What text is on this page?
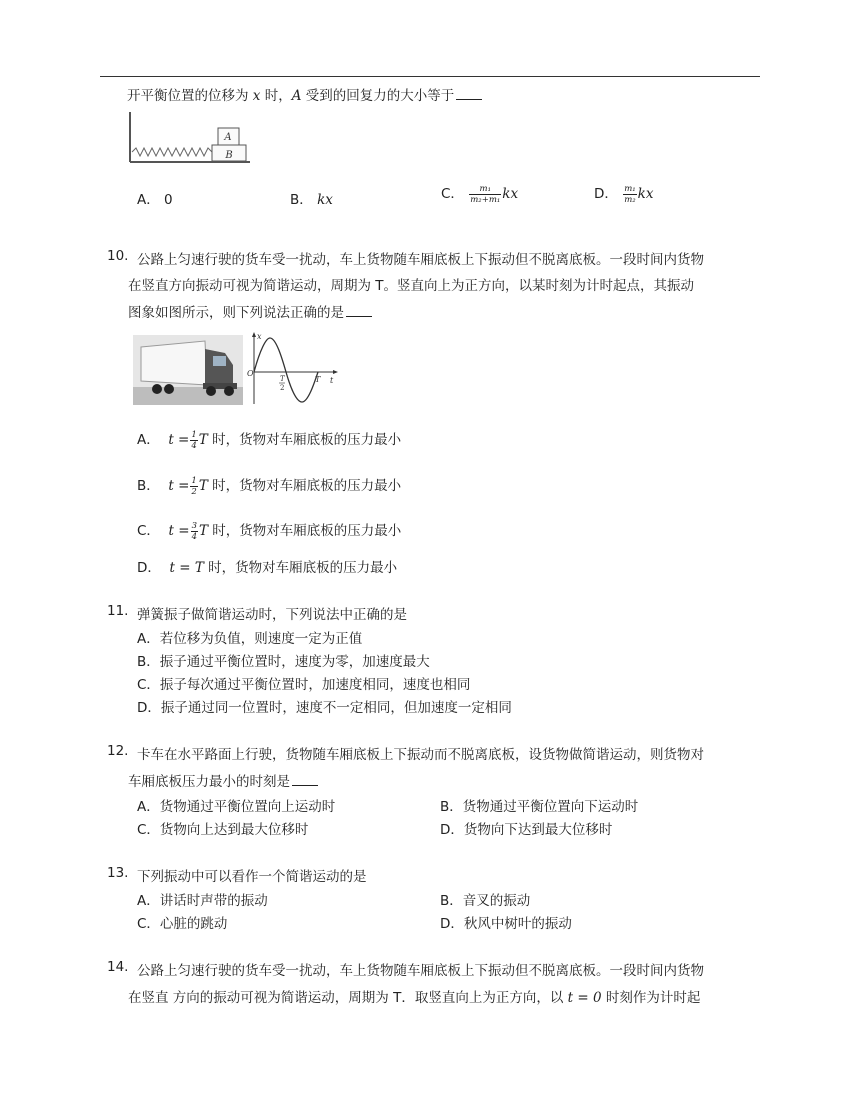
开平衡位置的位移为 x 时，A 受到的回复力的大小等于
A
B
A． 0	B． kx	C． $\frac{\text{m₁}}{\text{m₂+m₁}}$ kx	D． $\frac{\text{m₁}}{\text{m₂}}$ kx
10. 公路上匀速行驶的货车受一扰动，车上货物随车厢底板上下振动但不脱离底板。一段时间内货物
在竖直方向振动可视为简谐运动，周期为 T。竖直向上为正方向，以某时刻为计时起点，其振动
图象如图所示，则下列说法正确的是
x
O
t
T
T
2
A． $t = \frac{1}{4}$ T 时，货物对车厢底板的压力最小
B． $t = \frac{1}{2}$ T 时，货物对车厢底板的压力最小
C． $t = \frac{3}{4}$ T 时，货物对车厢底板的压力最小
D． t = T 时，货物对车厢底板的压力最小
11. 弹簧振子做简谐运动时，下列说法中正确的是
A．若位移为负值，则速度一定为正值
B．振子通过平衡位置时，速度为零，加速度最大
C．振子每次通过平衡位置时，加速度相同，速度也相同
D．振子通过同一位置时，速度不一定相同，但加速度一定相同
12. 卡车在水平路面上行驶，货物随车厢底板上下振动而不脱离底板，设货物做简谐运动，则货物对
车厢底板压力最小的时刻是
A．货物通过平衡位置向上运动时	B．货物通过平衡位置向下运动时
C．货物向上达到最大位移时	D．货物向下达到最大位移时
13. 下列振动中可以看作一个简谐运动的是
A．讲话时声带的振动	B．音叉的振动
C．心脏的跳动	D．秋风中树叶的振动
14. 公路上匀速行驶的货车受一扰动，车上货物随车厢底板上下振动但不脱离底板。一段时间内货物
在竖直 方向的振动可视为简谐运动，周期为 T．取竖直向上为正方向，以 t = 0 时刻作为计时起
